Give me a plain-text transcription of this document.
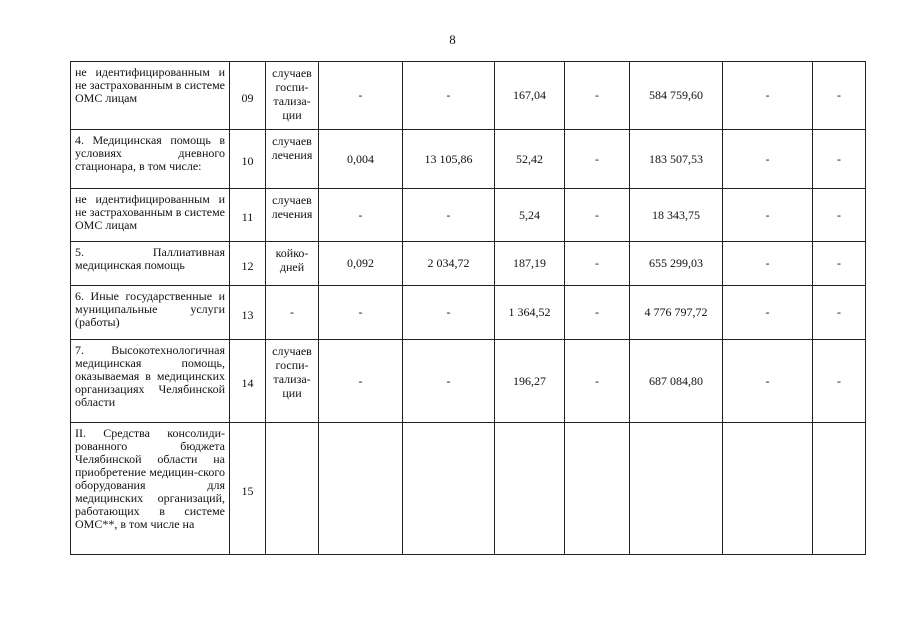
8
не идентифицированным и не застрахованным в системе ОМС лицам	09	случаев госпи-тализа-ции	-	-	167,04	-	584 759,60	-	-
4. Медицинская помощь в условиях дневного стационара, в том числе:	10	случаев лечения	0,004	13 105,86	52,42	-	183 507,53	-	-
не идентифицированным и не застрахованным в системе ОМС лицам	11	случаев лечения	-	-	5,24	-	18 343,75	-	-
5. Паллиативная медицинская помощь	12	койко-дней	0,092	2 034,72	187,19	-	655 299,03	-	-
6. Иные государственные и муниципальные услуги (работы)	13	-	-	-	1 364,52	-	4 776 797,72	-	-
7. Высокотехнологичная медицинская помощь, оказываемая в медицинских организациях Челябинской области	14	случаев госпи-тализа-ции	-	-	196,27	-	687 084,80	-	-
II. Средства консолиди-рованного бюджета Челябинской области на приобретение медицин-ского оборудования для медицинских организаций, работающих в системе ОМС**, в том числе на	15								
